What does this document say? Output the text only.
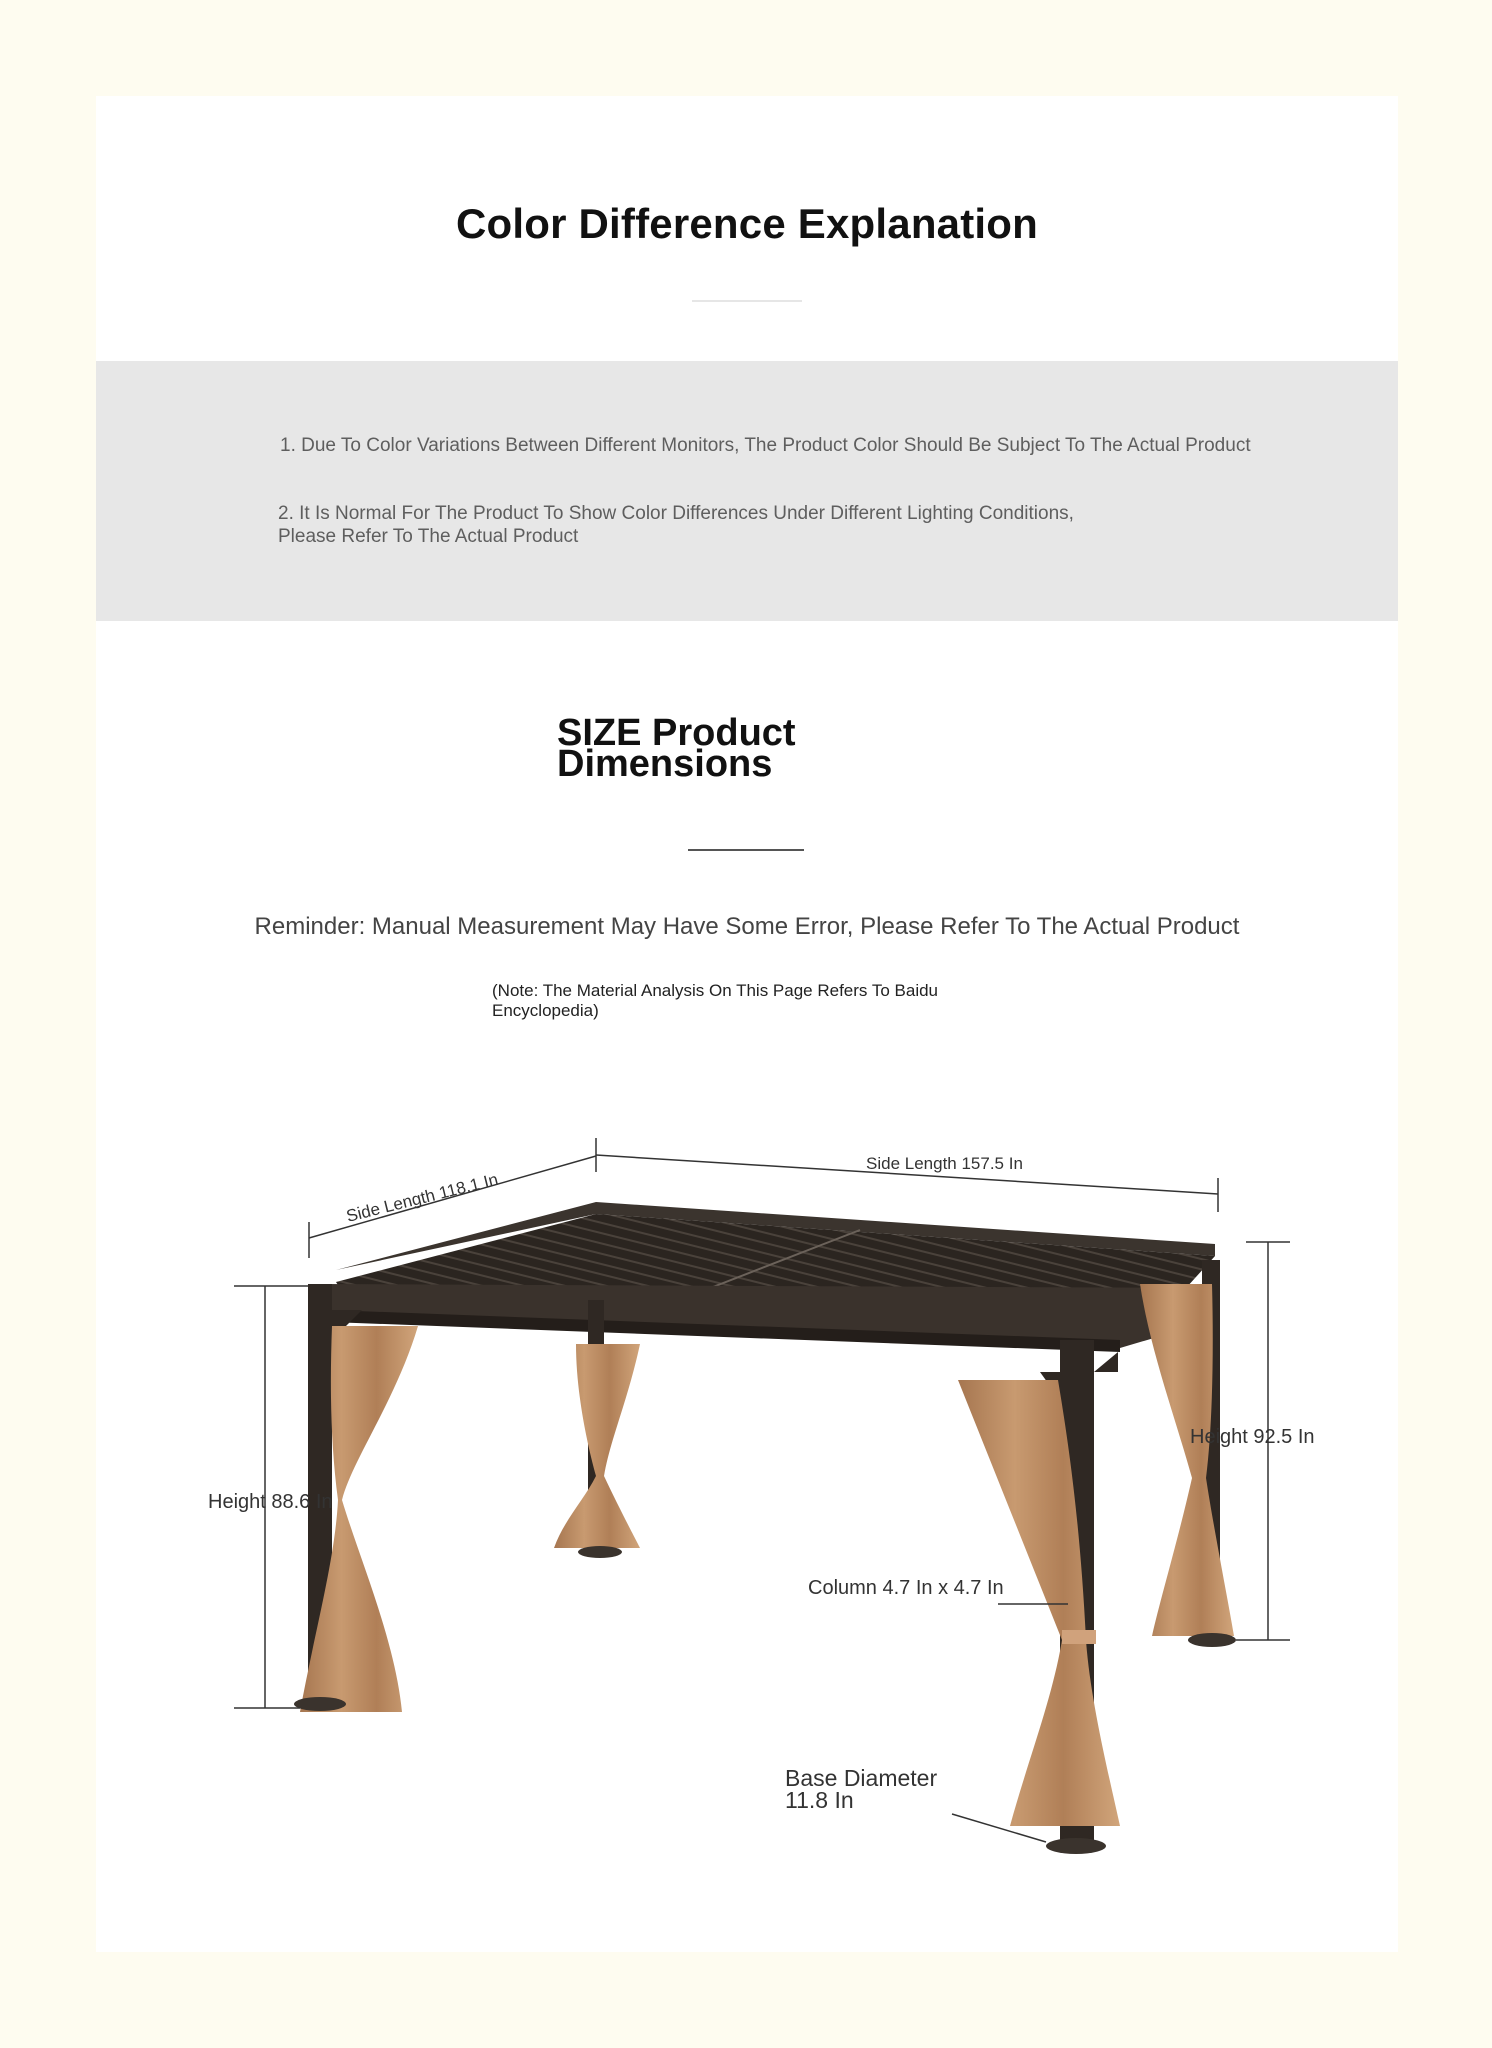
Color Difference Explanation
1. Due To Color Variations Between Different Monitors, The Product Color Should Be Subject To The Actual Product
2. It Is Normal For The Product To Show Color Differences Under Different Lighting Conditions,
Please Refer To The Actual Product
SIZE Product
Dimensions
Reminder: Manual Measurement May Have Some Error, Please Refer To The Actual Product
(Note: The Material Analysis On This Page Refers To Baidu
Encyclopedia)
Side Length 157.5 In
Side Length 118.1 In
Height 88.6 In
Height 92.5 In
Column 4.7 In x 4.7 In
Base Diameter
11.8 In
